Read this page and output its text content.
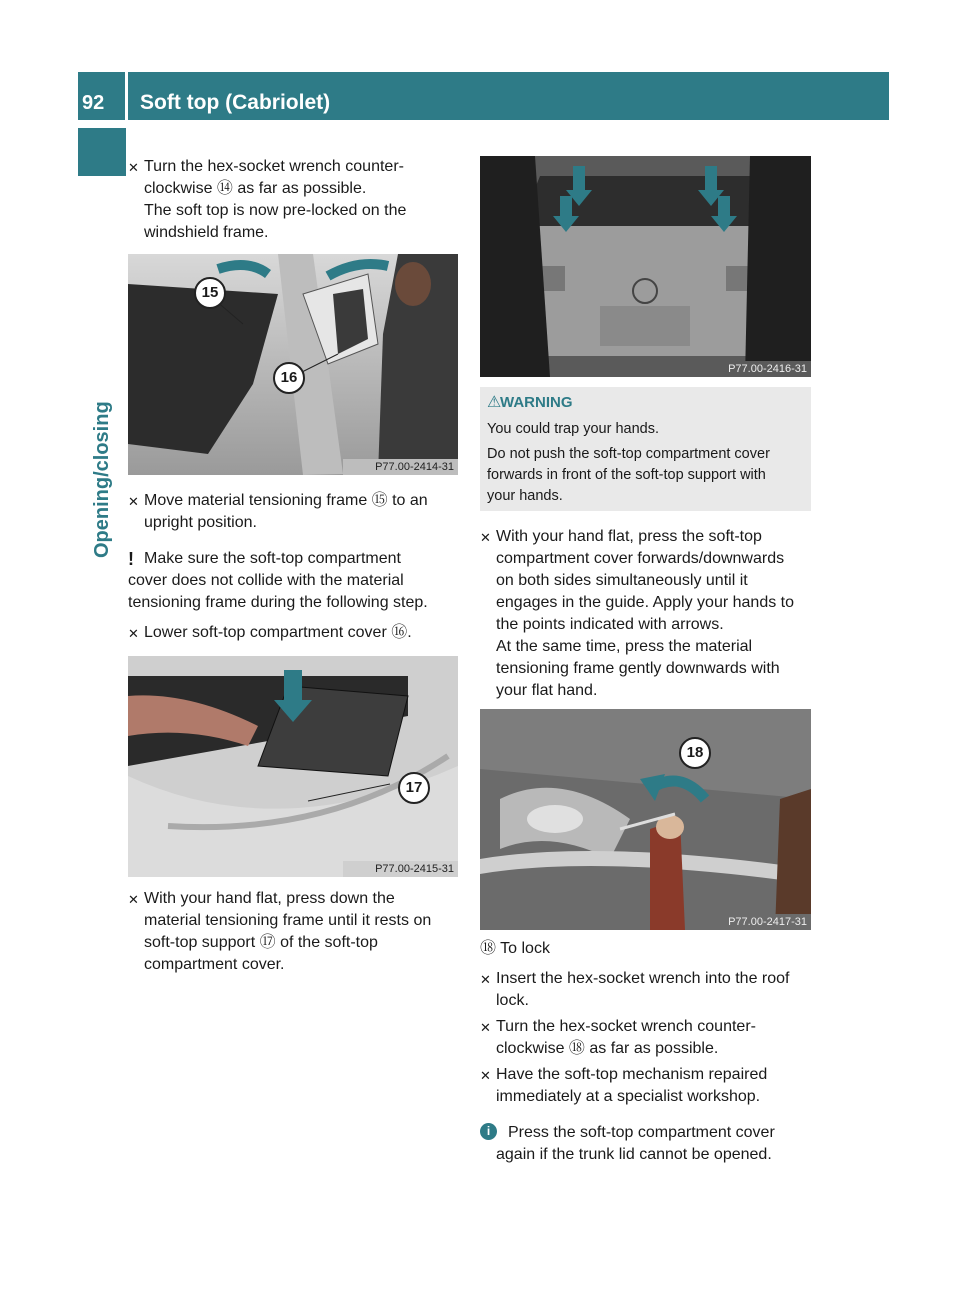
92	Soft top (Cabriolet)
Opening/closing
✕ Turn the hex-socket wrench counter-
clockwise ⑭ as far as possible.
The soft top is now pre-locked on the
windshield frame.
15
16
P77.00-2414-31
✕ Move material tensioning frame ⑮ to an
upright position.
! Make sure the soft-top compartment
cover does not collide with the material
tensioning frame during the following step.
✕ Lower soft-top compartment cover ⑯.
17
P77.00-2415-31
✕ With your hand flat, press down the
material tensioning frame until it rests on
soft-top support ⑰ of the soft-top
compartment cover.
P77.00-2416-31
⚠
WARNING
You could trap your hands.
Do not push the soft-top compartment cover
forwards in front of the soft-top support with
your hands.
✕ With your hand flat, press the soft-top
compartment cover forwards/downwards
on both sides simultaneously until it
engages in the guide. Apply your hands to
the points indicated with arrows.
At the same time, press the material
tensioning frame gently downwards with
your flat hand.
18
P77.00-2417-31
⑱ To lock
✕ Insert the hex-socket wrench into the roof
lock.
✕ Turn the hex-socket wrench counter-
clockwise ⑱ as far as possible.
✕ Have the soft-top mechanism repaired
immediately at a specialist workshop.
i	Press the soft-top compartment cover
again if the trunk lid cannot be opened.
